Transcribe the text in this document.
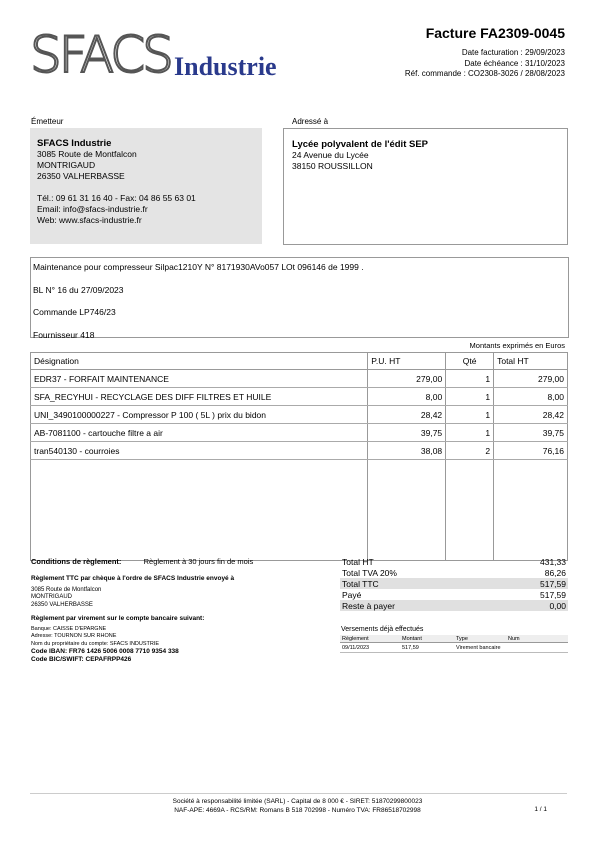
SFACS Industrie
Facture FA2309-0045
Date facturation : 29/09/2023
Date échéance : 31/10/2023
Réf. commande : CO2308-3026 / 28/08/2023
Émetteur
SFACS Industrie
3085 Route de Montfalcon
MONTRIGAUD
26350 VALHERBASSE
Tél.: 09 61 31 16 40 - Fax: 04 86 55 63 01
Email: info@sfacs-industrie.fr
Web: www.sfacs-industrie.fr
Adressé à
Lycée polyvalent de l'édit SEP
24 Avenue du Lycée
38150 ROUSSILLON
Maintenance pour compresseur Silpac1210Y N° 8171930AVo057 LOt 096146 de 1999 .
BL N° 16 du 27/09/2023
Commande LP746/23
Fournisseur 418
Montants exprimés en Euros
Désignation	P.U. HT	Qté	Total HT
EDR37 - FORFAIT MAINTENANCE	279,00	1	279,00
SFA_RECYHUI - RECYCLAGE DES DIFF FILTRES ET HUILE	8,00	1	8,00
UNI_3490100000227 - Compressor P 100 ( 5L ) prix du bidon	28,42	1	28,42
AB-7081100 - cartouche filtre a air	39,75	1	39,75
tran540130 - courroies	38,08	2	76,16

Conditions de règlement:	Règlement à 30 jours fin de mois
Règlement TTC par chèque à l'ordre de SFACS Industrie envoyé à
3085 Route de Montfalcon
MONTRIGAUD
26350 VALHERBASSE
Règlement par virement sur le compte bancaire suivant:
Banque: CAISSE D'EPARGNE
Adresse: TOURNON SUR RHONE
Nom du propriétaire du compte: SFACS INDUSTRIE
Code IBAN: FR76 1426 5006 0008 7710 9354 338
Code BIC/SWIFT: CEPAFRPP426
Total HT	431,33
Total TVA 20%	86,26
Total TTC	517,59
Payé	517,59
Reste à payer	0,00
Versements déjà effectués
Règlement	Montant	Type	Num
09/11/2023	517,59	Virement bancaire	
Société à responsabilité limitée (SARL) - Capital de 8 000 € - SIRET: 51870299800023
NAF-APE: 4669A - RCS/RM: Romans B 518 702998 - Numéro TVA: FR86518702998	1 / 1
